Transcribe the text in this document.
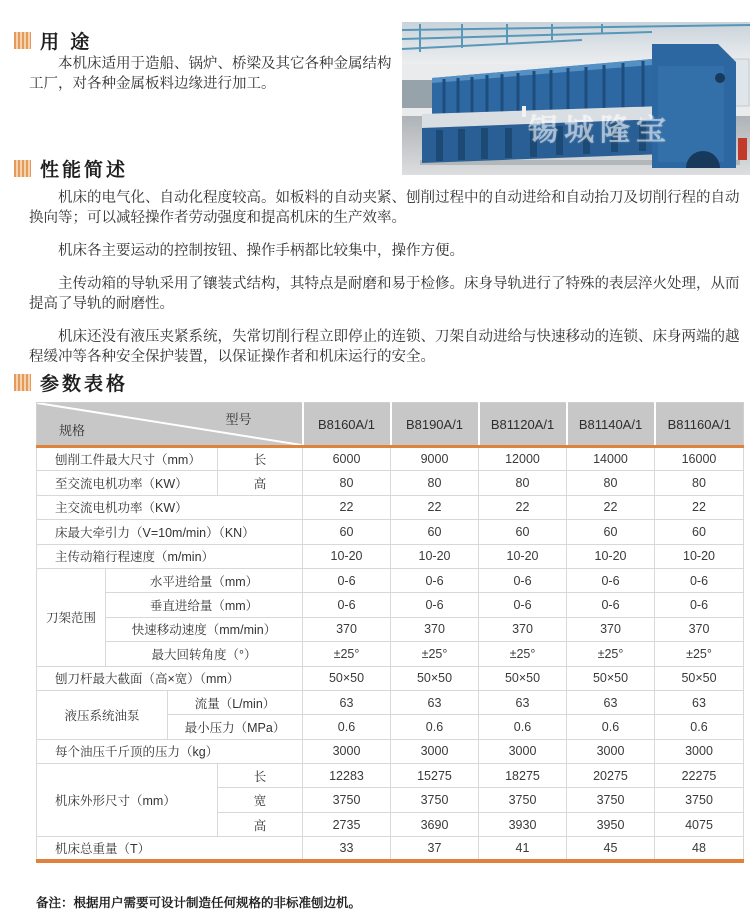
用 途

本机床适用于造船、锅炉、桥梁及其它各种金属结构工厂，对各种金属板料边缘进行加工。

锡城隆宝
性能简述

机床的电气化、自动化程度较高。如板料的自动夹紧、刨削过程中的自动进给和自动抬刀及切削行程的自动换向等；可以减轻操作者劳动强度和提高机床的生产效率。

机床各主要运动的控制按钮、操作手柄都比较集中，操作方便。

主传动箱的导轨采用了镶装式结构，其特点是耐磨和易于检修。床身导轨进行了特殊的表层淬火处理，从而提高了导轨的耐磨性。

机床还没有液压夹紧系统，失常切削行程立即停止的连锁、刀架自动进给与快速移动的连锁、床身两端的越程缓冲等各种安全保护装置，以保证操作者和机床运行的安全。

参数表格
型号
规格				B8160A/1	B8190A/1	B81120A/1	B81140A/1	B81160A/1
刨削工件最大尺寸（mm）			长	6000	9000	12000	14000	16000
至交流电机功率（KW）			高	80	80	80	80	80
主交流电机功率（KW）				22	22	22	22	22
床最大牵引力（V=10m/min）（KN）				60	60	60	60	60
主传动箱行程速度（m/min）				10-20	10-20	10-20	10-20	10-20
刀架范围	水平进给量（mm）			0-6	0-6	0-6	0-6	0-6
	垂直进给量（mm）			0-6	0-6	0-6	0-6	0-6
	快速移动速度（mm/min）			370	370	370	370	370
	最大回转角度（°）			±25°	±25°	±25°	±25°	±25°
刨刀杆最大截面（高×宽）（mm）				50×50	50×50	50×50	50×50	50×50
液压系统油泵		流量（L/min）		63	63	63	63	63
		最小压力（MPa）		0.6	0.6	0.6	0.6	0.6
每个油压千斤顶的压力（kg）				3000	3000	3000	3000	3000
机床外形尺寸（mm）			长	12283	15275	18275	20275	22275
			宽	3750	3750	3750	3750	3750
			高	2735	3690	3930	3950	4075
机床总重量（T）				33	37	41	45	48

备注：根据用户需要可设计制造任何规格的非标准刨边机。
